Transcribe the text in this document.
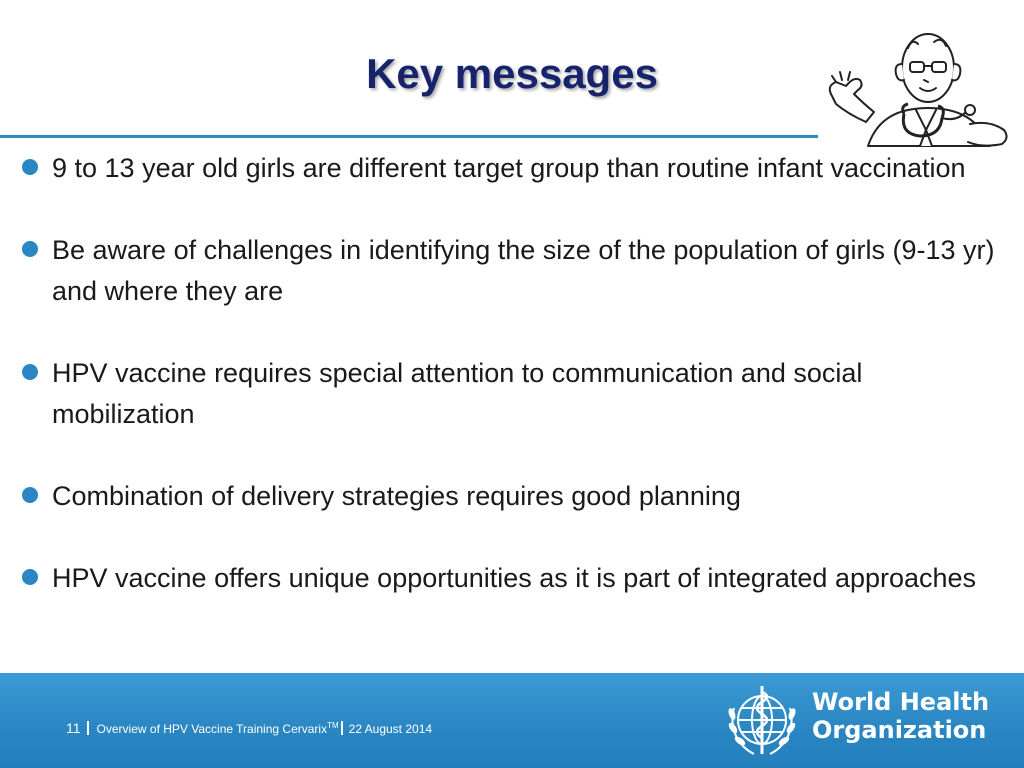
Key messages
9 to 13 year old girls are different target group than routine infant vaccination
Be aware of challenges in identifying the size of the population of girls (9-13 yr) and where they are
HPV vaccine requires special attention to communication and social mobilization
Combination of delivery strategies requires good planning
HPV vaccine offers unique opportunities as it is part of integrated approaches
11 Overview of HPV Vaccine Training Cervarix™ 22 August 2014
World Health
Organization
